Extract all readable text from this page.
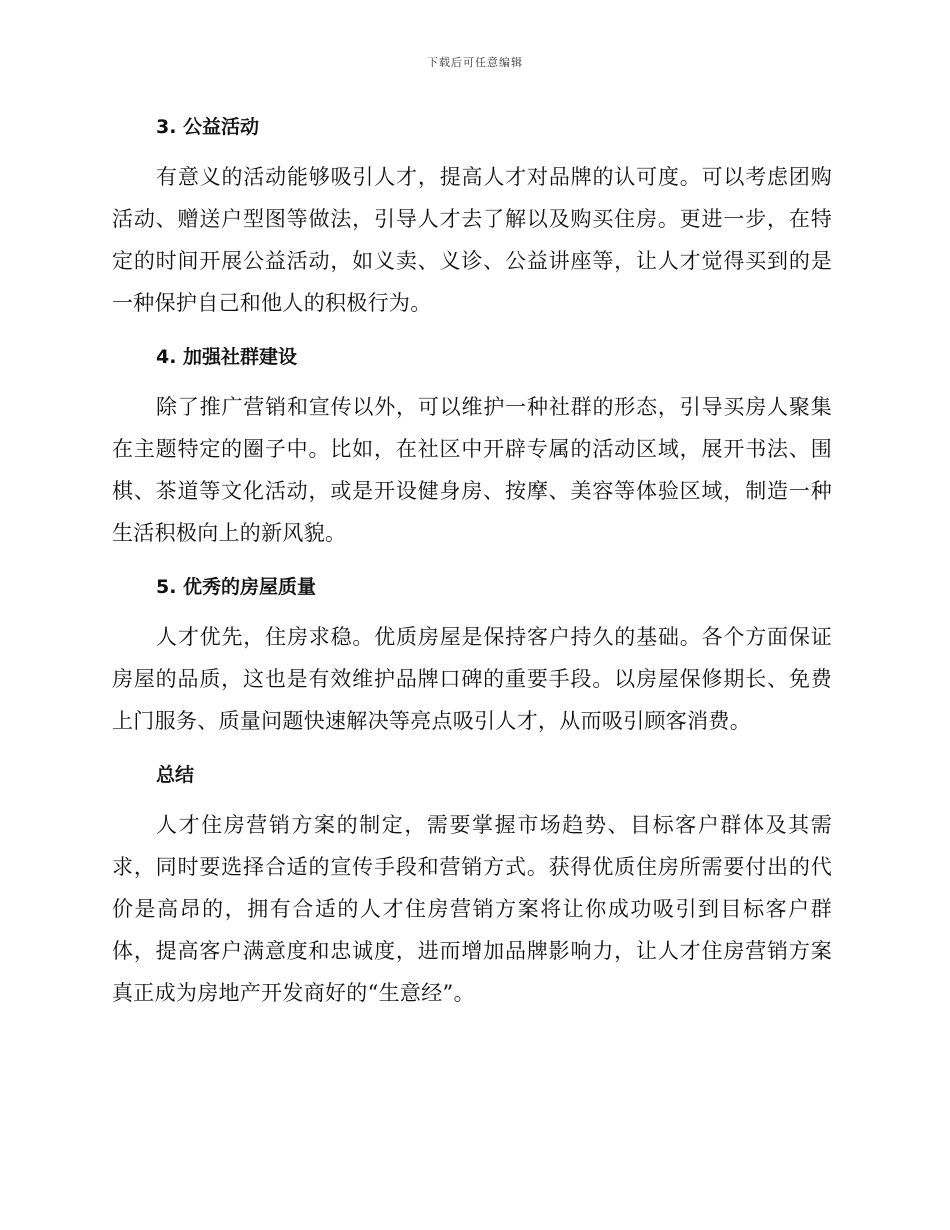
下载后可任意编辑
3. 公益活动

有意义的活动能够吸引人才，提高人才对品牌的认可度。可以考虑团购活动、赠送户型图等做法，引导人才去了解以及购买住房。更进一步，在特定的时间开展公益活动，如义卖、义诊、公益讲座等，让人才觉得买到的是一种保护自己和他人的积极行为。

4. 加强社群建设

除了推广营销和宣传以外，可以维护一种社群的形态，引导买房人聚集在主题特定的圈子中。比如，在社区中开辟专属的活动区域，展开书法、围棋、茶道等文化活动，或是开设健身房、按摩、美容等体验区域，制造一种生活积极向上的新风貌。

5. 优秀的房屋质量

人才优先，住房求稳。优质房屋是保持客户持久的基础。各个方面保证房屋的品质，这也是有效维护品牌口碑的重要手段。以房屋保修期长、免费上门服务、质量问题快速解决等亮点吸引人才，从而吸引顾客消费。

总结

人才住房营销方案的制定，需要掌握市场趋势、目标客户群体及其需求，同时要选择合适的宣传手段和营销方式。获得优质住房所需要付出的代价是高昂的，拥有合适的人才住房营销方案将让你成功吸引到目标客户群体，提高客户满意度和忠诚度，进而增加品牌影响力，让人才住房营销方案真正成为房地产开发商好的“生意经”。
